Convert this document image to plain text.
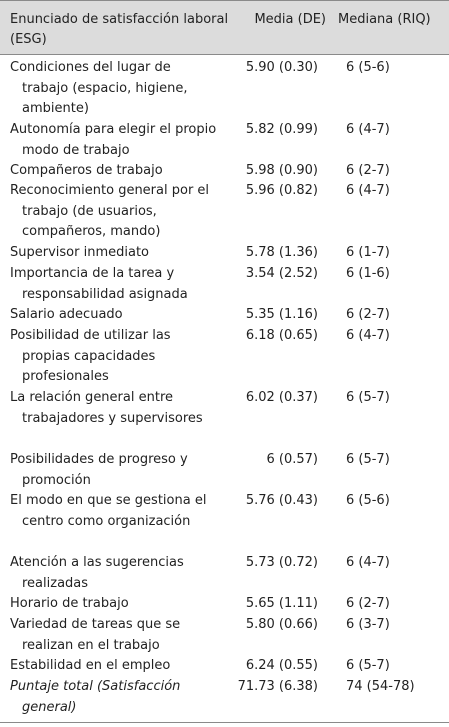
Enunciado de satisfacción laboral (ESG)
Media (DE) Mediana (RIQ)
Condiciones del lugar de trabajo (espacio, higiene, ambiente)
5.90 (0.30) 6 (5-6)
Autonomía para elegir el propio modo de trabajo
5.82 (0.99) 6 (4-7)
Compañeros de trabajo	5.98 (0.90) 6 (2-7)
Reconocimiento general por el trabajo (de usuarios, compañeros, mando)
5.96 (0.82) 6 (4-7)
Supervisor inmediato	5.78 (1.36) 6 (1-7)
Importancia de la tarea y responsabilidad asignada
3.54 (2.52) 6 (1-6)
Salario adecuado	5.35 (1.16) 6 (2-7)
Posibilidad de utilizar las propias capacidades profesionales
6.18 (0.65) 6 (4-7)
La relación general entre trabajadores y supervisores
6.02 (0.37) 6 (5-7)
Posibilidades de progreso y promoción
6 (0.57) 6 (5-7)
El modo en que se gestiona el centro como organización
5.76 (0.43) 6 (5-6)
Atención a las sugerencias realizadas
5.73 (0.72) 6 (4-7)
Horario de trabajo	5.65 (1.11) 6 (2-7)
Variedad de tareas que se realizan en el trabajo
5.80 (0.66) 6 (3-7)
Estabilidad en el empleo	6.24 (0.55) 6 (5-7)
Puntaje total (Satisfacción general)
71.73 (6.38) 74 (54-78)
